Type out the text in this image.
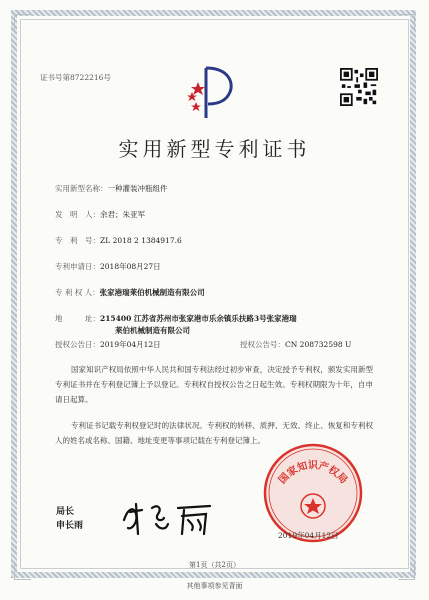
证书号第8722216号
实用新型专利证书
实用新型名称：一种灌装冲瓶组件
发　明　人：余君；朱亚军
专　利　号：ZL 2018 2 1384917.6
专利申请日：2018年08月27日
专 利 权 人：张家港瑞莱伯机械制造有限公司
地　　　址：215400 江苏省苏州市张家港市乐余镇乐扶路3号张家港瑞
莱伯机械制造有限公司
授权公告日：2019年04月12日	授权公告号：CN 208732598 U
国家知识产权局依照中华人民共和国专利法经过初步审查，决定授予专利权，颁发实用新型专利证书并在专利登记簿上予以登记。专利权自授权公告之日起生效。专利权期限为十年，自申请日起算。
专利证书记载专利权登记时的法律状况。专利权的转移、质押、无效、终止、恢复和专利权人的姓名或名称、国籍、地址变更等事项记载在专利登记簿上。
国家知识产权局
2019年04月12日
局长
申长雨
第1页（共2页）
其他事项参见背面
